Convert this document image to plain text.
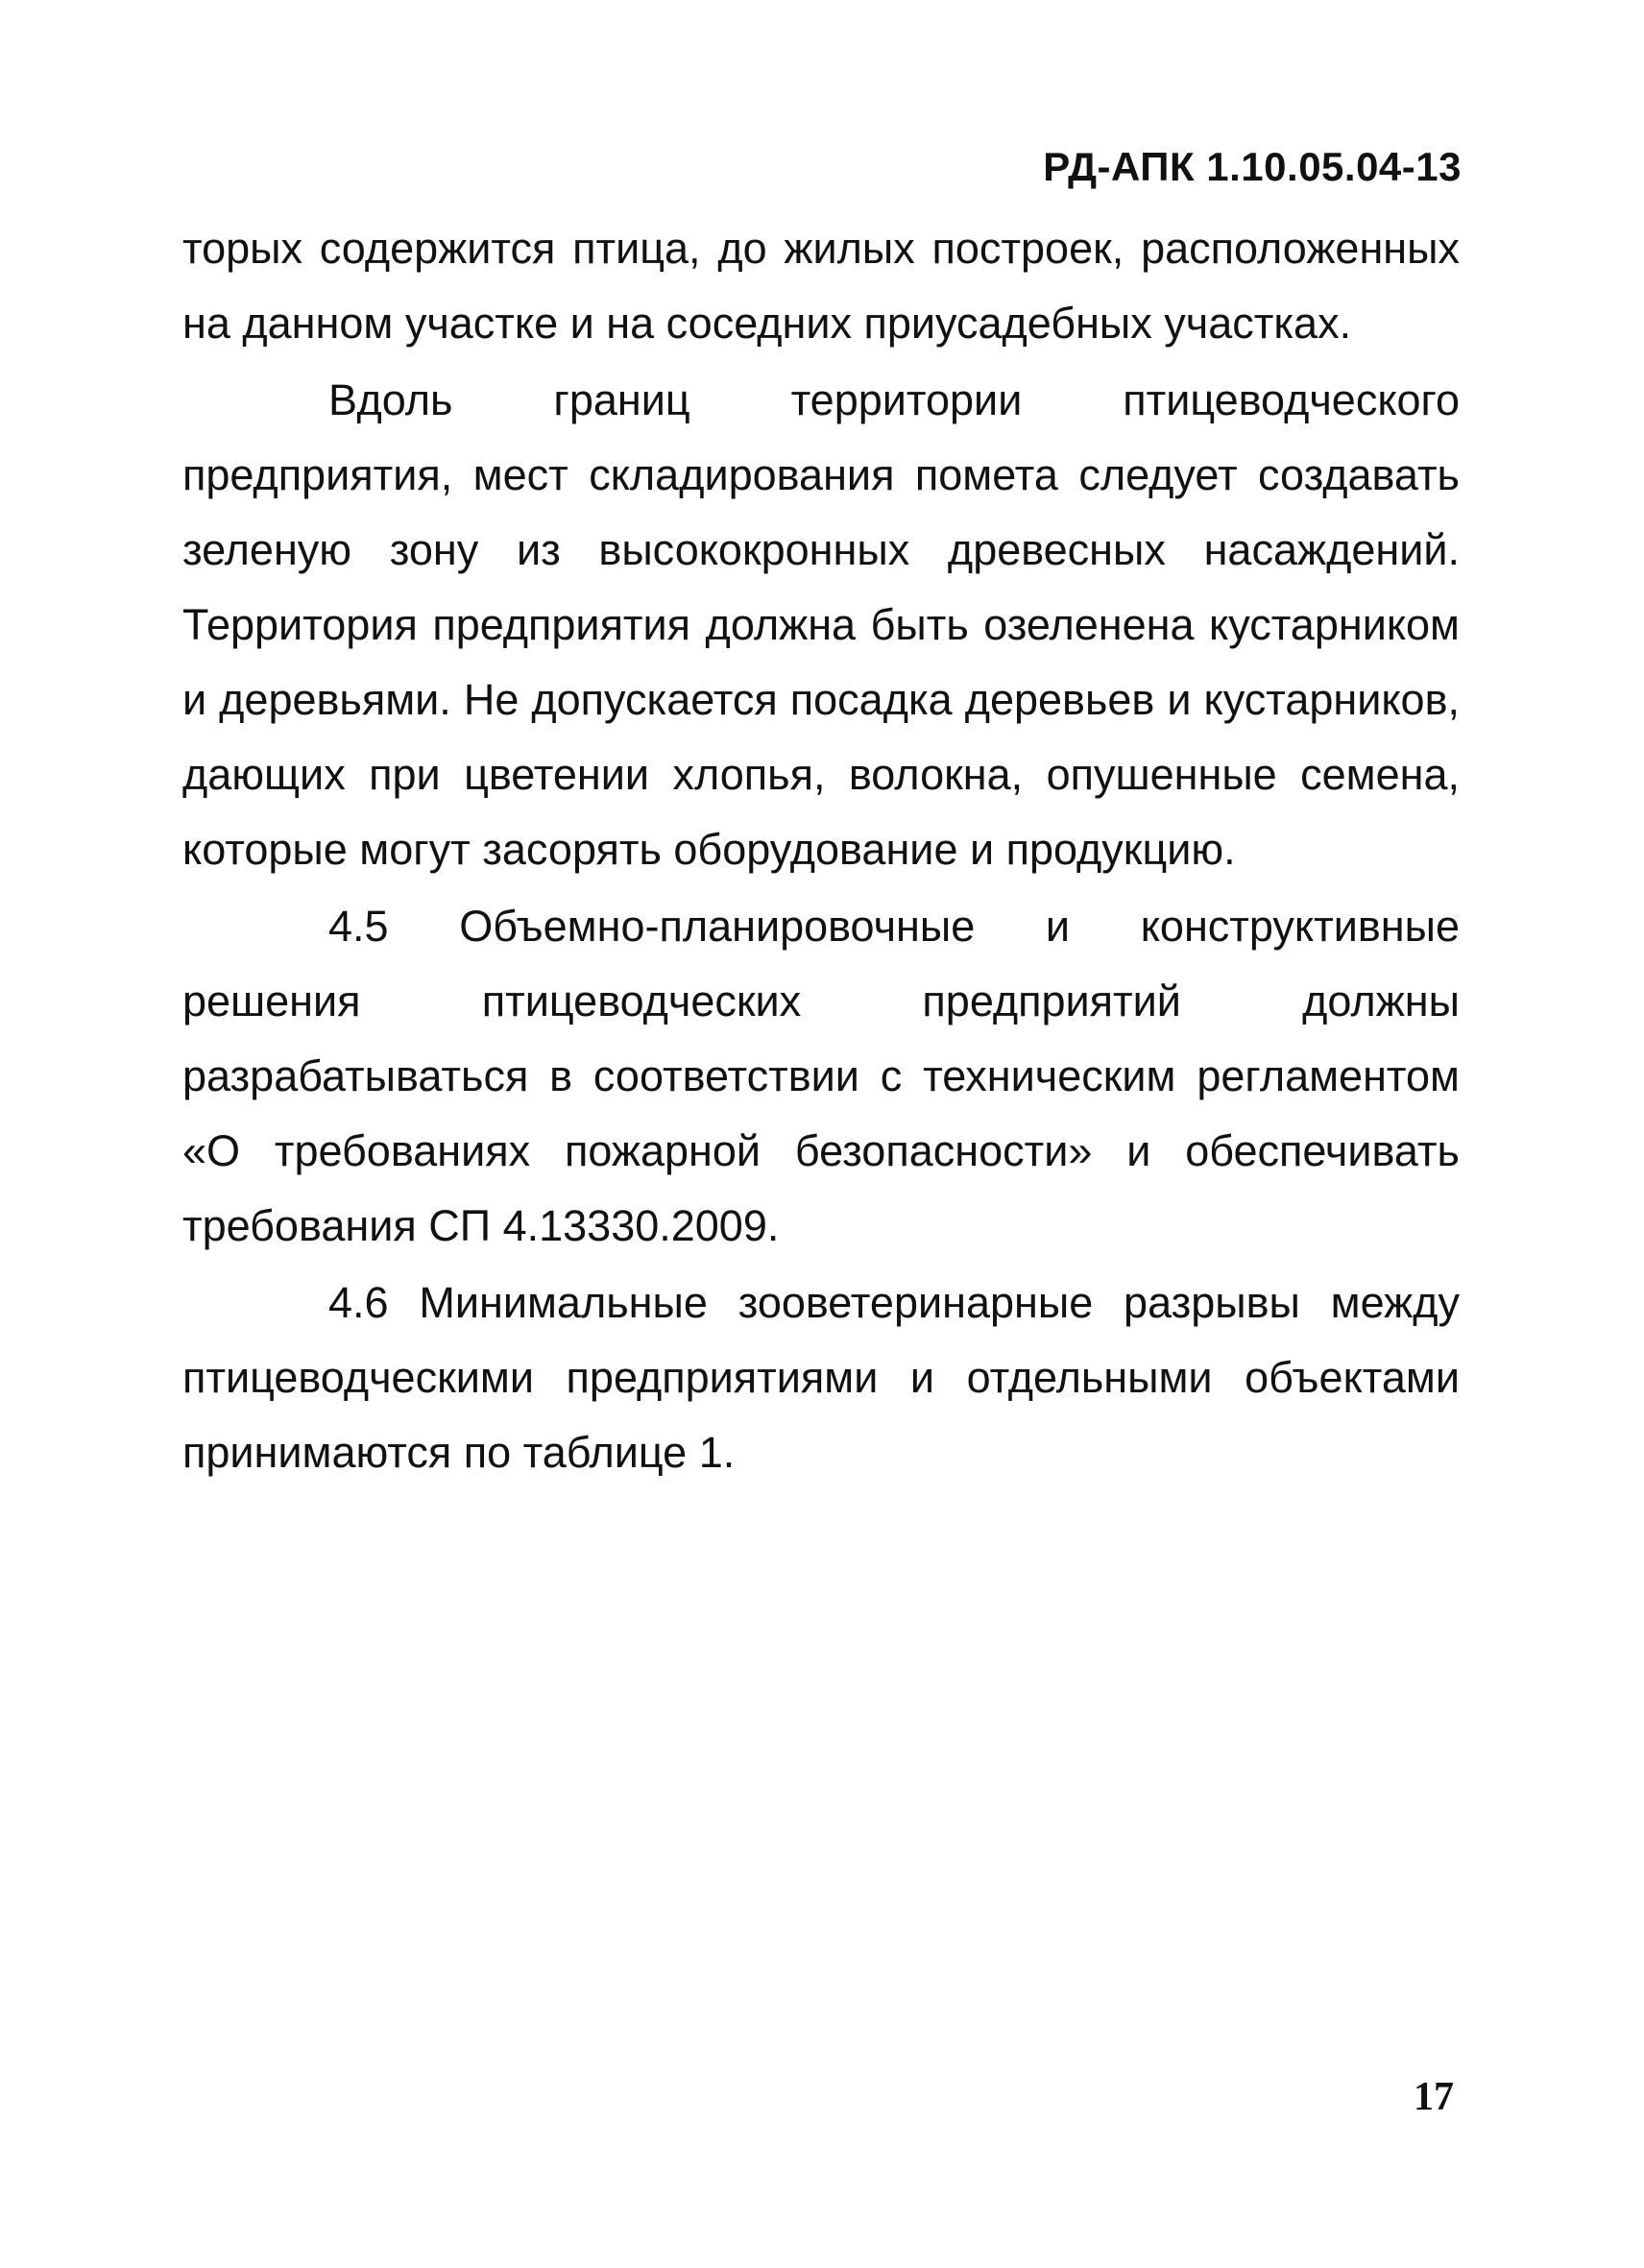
РД-АПК 1.10.05.04-13

торых содержится птица, до жилых построек, расположенных на данном участке и на соседних приусадебных участках.

Вдоль границ территории птицеводческого предприятия, мест складирования помета следует создавать зеленую зону из высококронных древесных насаждений. Территория предприятия должна быть озеленена кустарником и деревьями. Не допускается посадка деревьев и кустарников, дающих при цветении хлопья, волокна, опушенные семена, которые могут засорять оборудование и продукцию.

4.5 Объемно-планировочные и конструктивные решения птицеводческих предприятий должны разрабатываться в соответствии с техническим регламентом «О требованиях пожарной безопасности» и обеспечивать требования СП 4.13330.2009.

4.6 Минимальные зооветеринарные разрывы между птицеводческими предприятиями и отдельными объектами принимаются по таблице 1.

17
